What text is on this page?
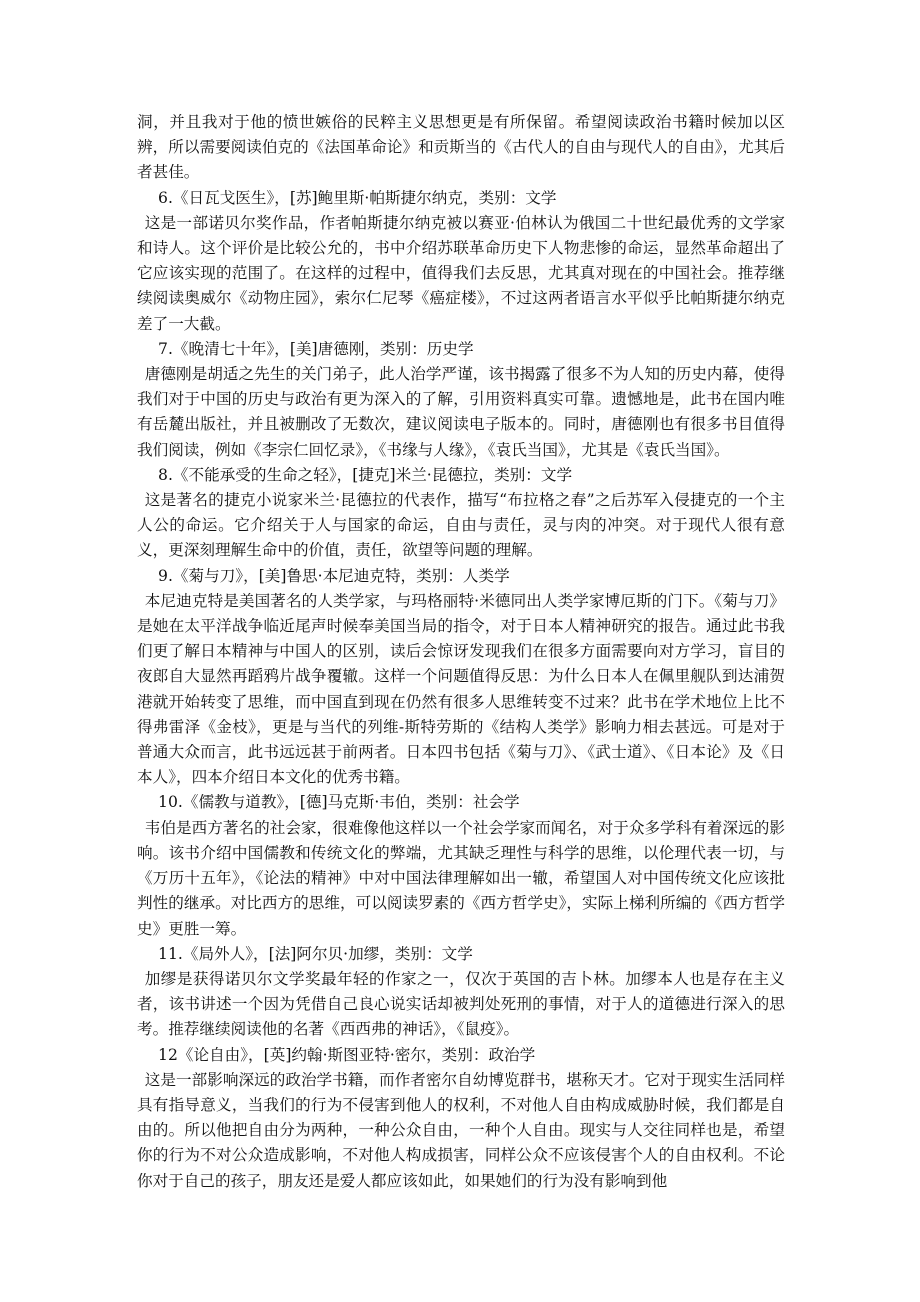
洞，并且我对于他的愤世嫉俗的民粹主义思想更是有所保留。希望阅读政治书籍时候加以区辨，所以需要阅读伯克的《法国革命论》和贡斯当的《古代人的自由与现代人的自由》，尤其后者甚佳。

6.《日瓦戈医生》，[苏]鲍里斯·帕斯捷尔纳克，类别：文学

这是一部诺贝尔奖作品，作者帕斯捷尔纳克被以赛亚·伯林认为俄国二十世纪最优秀的文学家和诗人。这个评价是比较公允的，书中介绍苏联革命历史下人物悲惨的命运，显然革命超出了它应该实现的范围了。在这样的过程中，值得我们去反思，尤其真对现在的中国社会。推荐继续阅读奥威尔《动物庄园》，索尔仁尼琴《癌症楼》，不过这两者语言水平似乎比帕斯捷尔纳克差了一大截。

7.《晚清七十年》，[美]唐德刚，类别：历史学

唐德刚是胡适之先生的关门弟子，此人治学严谨，该书揭露了很多不为人知的历史内幕，使得我们对于中国的历史与政治有更为深入的了解，引用资料真实可靠。遗憾地是，此书在国内唯有岳麓出版社，并且被删改了无数次，建议阅读电子版本的。同时，唐德刚也有很多书目值得我们阅读，例如《李宗仁回忆录》，《书缘与人缘》，《袁氏当国》，尤其是《袁氏当国》。

8.《不能承受的生命之轻》，[捷克]米兰·昆德拉，类别：文学

这是著名的捷克小说家米兰·昆德拉的代表作，描写“布拉格之春”之后苏军入侵捷克的一个主人公的命运。它介绍关于人与国家的命运，自由与责任，灵与肉的冲突。对于现代人很有意义，更深刻理解生命中的价值，责任，欲望等问题的理解。

9.《菊与刀》，[美]鲁思·本尼迪克特，类别：人类学

本尼迪克特是美国著名的人类学家，与玛格丽特·米德同出人类学家博厄斯的门下。《菊与刀》是她在太平洋战争临近尾声时候奉美国当局的指令，对于日本人精神研究的报告。通过此书我们更了解日本精神与中国人的区别，读后会惊讶发现我们在很多方面需要向对方学习，盲目的夜郎自大显然再蹈鸦片战争覆辙。这样一个问题值得反思：为什么日本人在佩里舰队到达浦贺港就开始转变了思维，而中国直到现在仍然有很多人思维转变不过来？此书在学术地位上比不得弗雷泽《金枝》，更是与当代的列维-斯特劳斯的《结构人类学》影响力相去甚远。可是对于普通大众而言，此书远远甚于前两者。日本四书包括《菊与刀》、《武士道》、《日本论》及《日本人》，四本介绍日本文化的优秀书籍。

10.《儒教与道教》，[德]马克斯·韦伯，类别：社会学

韦伯是西方著名的社会家，很难像他这样以一个社会学家而闻名，对于众多学科有着深远的影响。该书介绍中国儒教和传统文化的弊端，尤其缺乏理性与科学的思维，以伦理代表一切，与《万历十五年》，《论法的精神》中对中国法律理解如出一辙，希望国人对中国传统文化应该批判性的继承。对比西方的思维，可以阅读罗素的《西方哲学史》，实际上梯利所编的《西方哲学史》更胜一筹。

11.《局外人》，[法]阿尔贝·加缪，类别：文学

加缪是获得诺贝尔文学奖最年轻的作家之一，仅次于英国的吉卜林。加缪本人也是存在主义者，该书讲述一个因为凭借自己良心说实话却被判处死刑的事情，对于人的道德进行深入的思考。推荐继续阅读他的名著《西西弗的神话》，《鼠疫》。

12《论自由》，[英]约翰·斯图亚特·密尔，类别：政治学

这是一部影响深远的政治学书籍，而作者密尔自幼博览群书，堪称天才。它对于现实生活同样具有指导意义，当我们的行为不侵害到他人的权利，不对他人自由构成威胁时候，我们都是自由的。所以他把自由分为两种，一种公众自由，一种个人自由。现实与人交往同样也是，希望你的行为不对公众造成影响，不对他人构成损害，同样公众不应该侵害个人的自由权利。不论你对于自己的孩子，朋友还是爱人都应该如此，如果她们的行为没有影响到他
